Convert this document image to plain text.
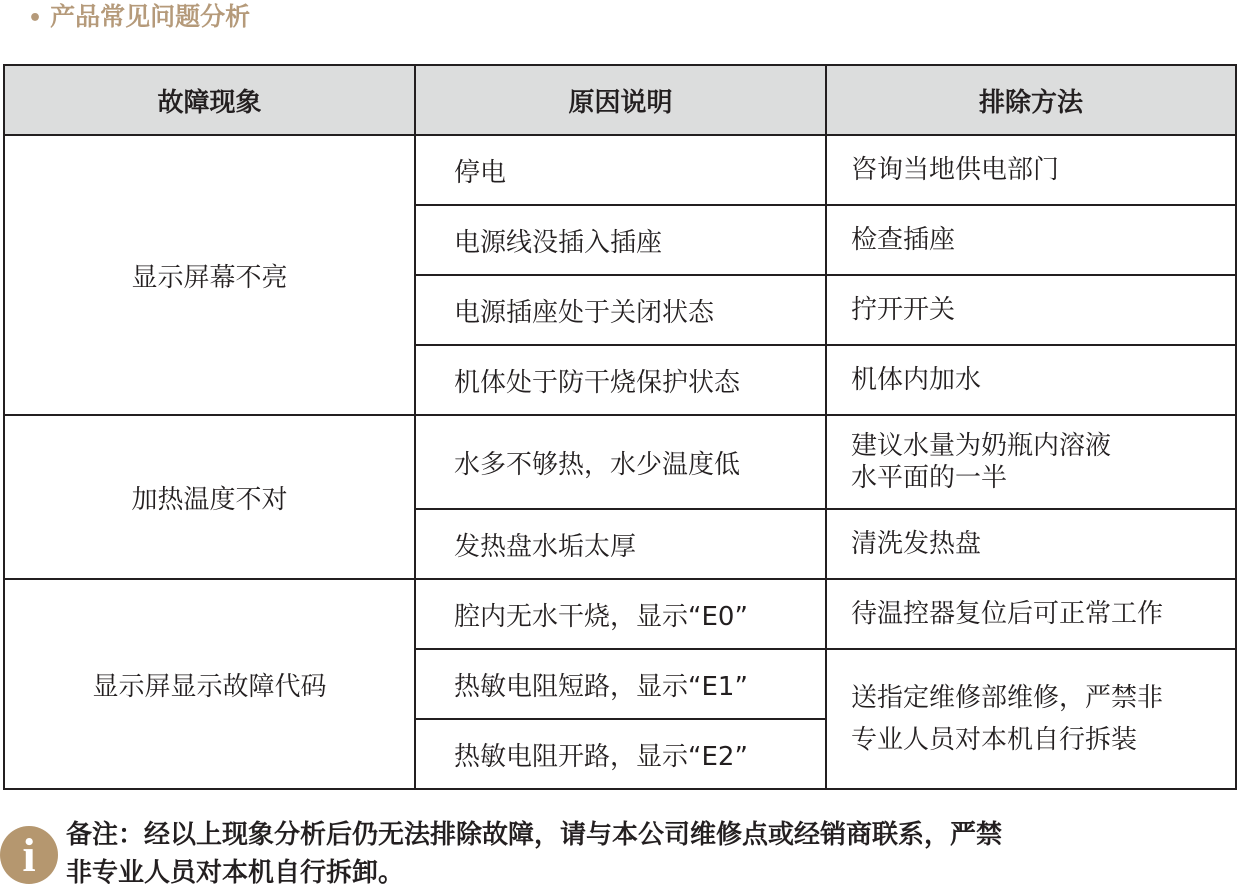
• 产品常见问题分析
故障现象	原因说明	排除方法
显示屏幕不亮	停电	咨询当地供电部门
	电源线没插入插座	检查插座
	电源插座处于关闭状态	拧开开关
	机体处于防干烧保护状态	机体内加水
加热温度不对	水多不够热，水少温度低	建议水量为奶瓶内溶液
水平面的一半

	发热盘水垢太厚	清洗发热盘
显示屏显示故障代码	腔内无水干烧，显示“E0”	待温控器复位后可正常工作
	热敏电阻短路，显示“E1”	送指定维修部维修，严禁非
专业人员对本机自行拆装

	热敏电阻开路，显示“E2”	
i	备注：经以上现象分析后仍无法排除故障，请与本公司维修点或经销商联系，严禁
非专业人员对本机自行拆卸。
